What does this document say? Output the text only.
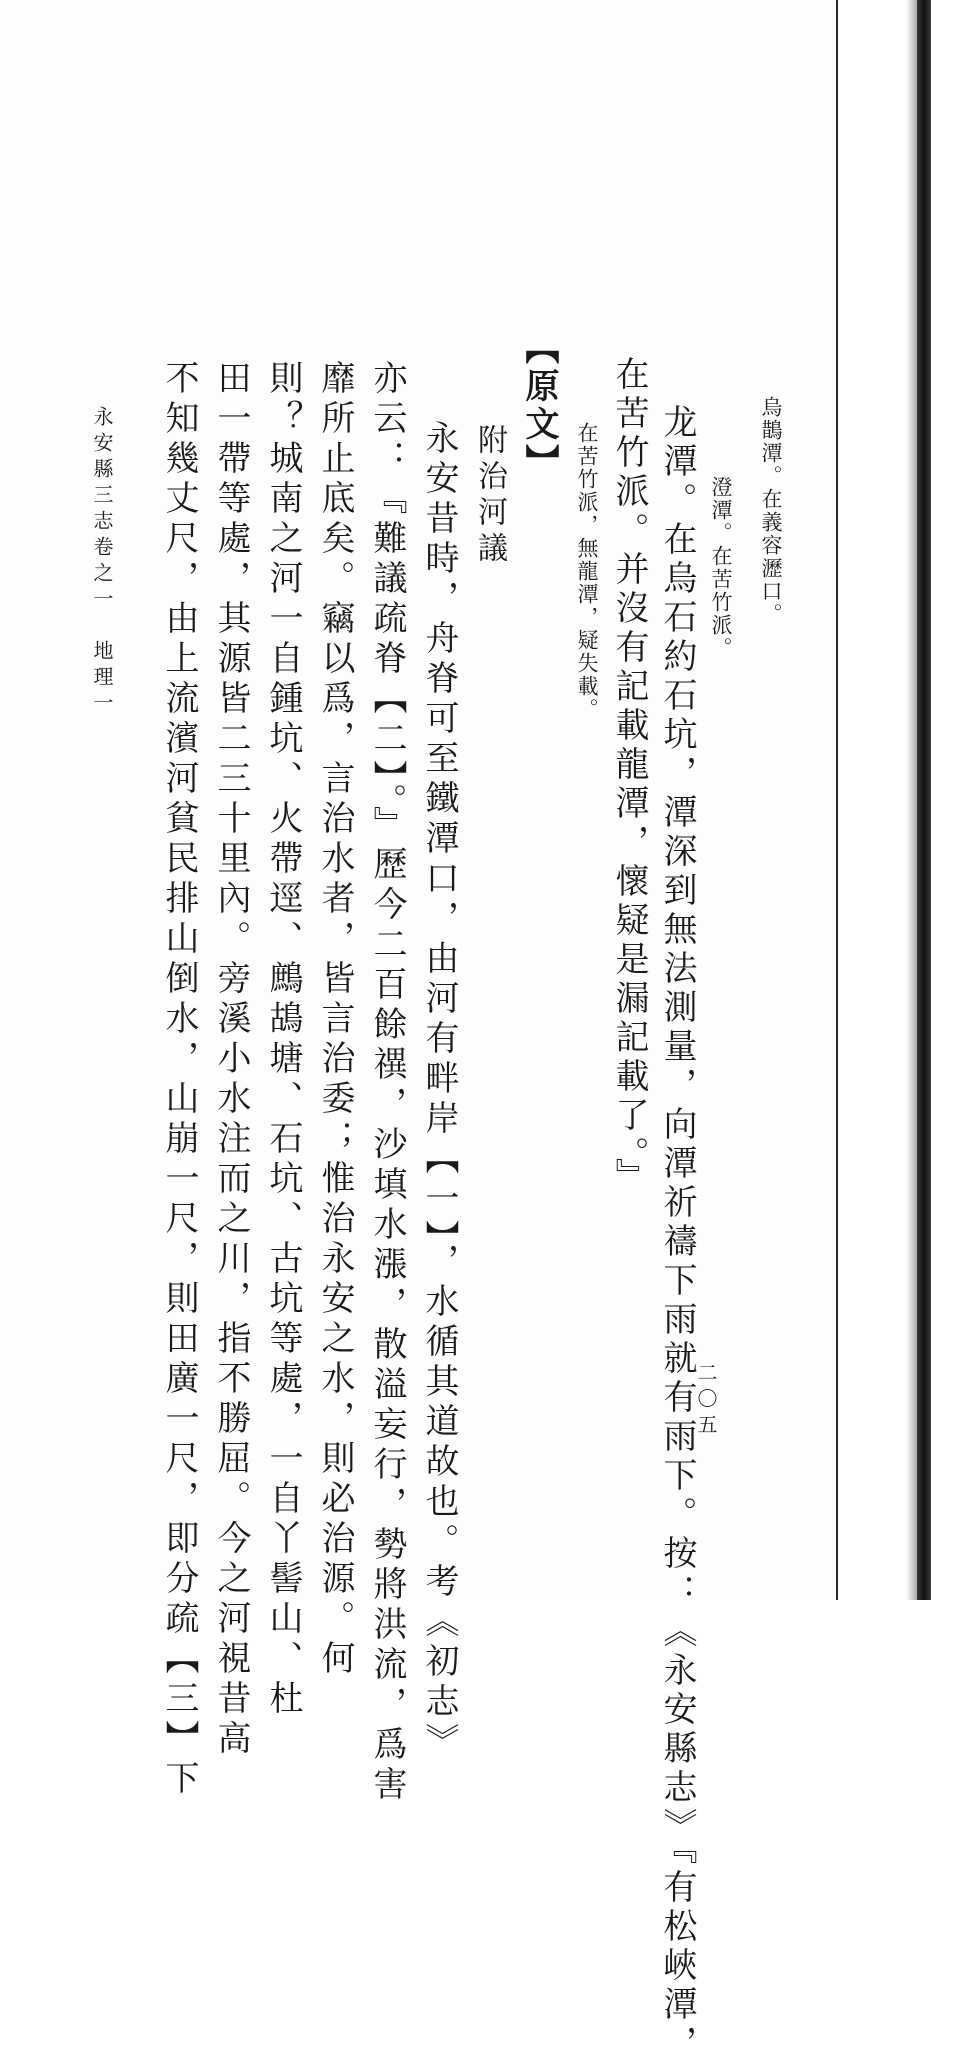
烏鵲潭。在義容瀝口。
澄潭。在苦竹派。
龙潭。在烏石約石坑，潭深到無法測量，向潭祈禱下雨就有雨下。按：《永安縣志》『有松峽潭，
在苦竹派。并沒有記載龍潭，懷疑是漏記載了。』
在苦竹派，無龍潭，疑失載。
【原文】
附治河議
永安昔時，舟脊可至鐵潭口，由河有畔岸【一】，水循其道故也。考《初志》
亦云：『難議疏脊【二】。』歷今二百餘禩，沙填水漲，散溢妄行，勢將洪流，爲害
靡所止底矣。竊以爲，言治水者，皆言治委；惟治永安之水，則必治源。何
則？城南之河一自鍾坑、火帶逕、鷓鴣塘、石坑、古坑等處，一自丫髻山、杜
田一帶等處，其源皆二三十里內。旁溪小水注而之川，指不勝屈。今之河視昔高
不知幾丈尺，由上流濱河貧民排山倒水，山崩一尺，則田廣一尺，即分疏【三】下
永安縣三志卷之一　地理一
二〇五
